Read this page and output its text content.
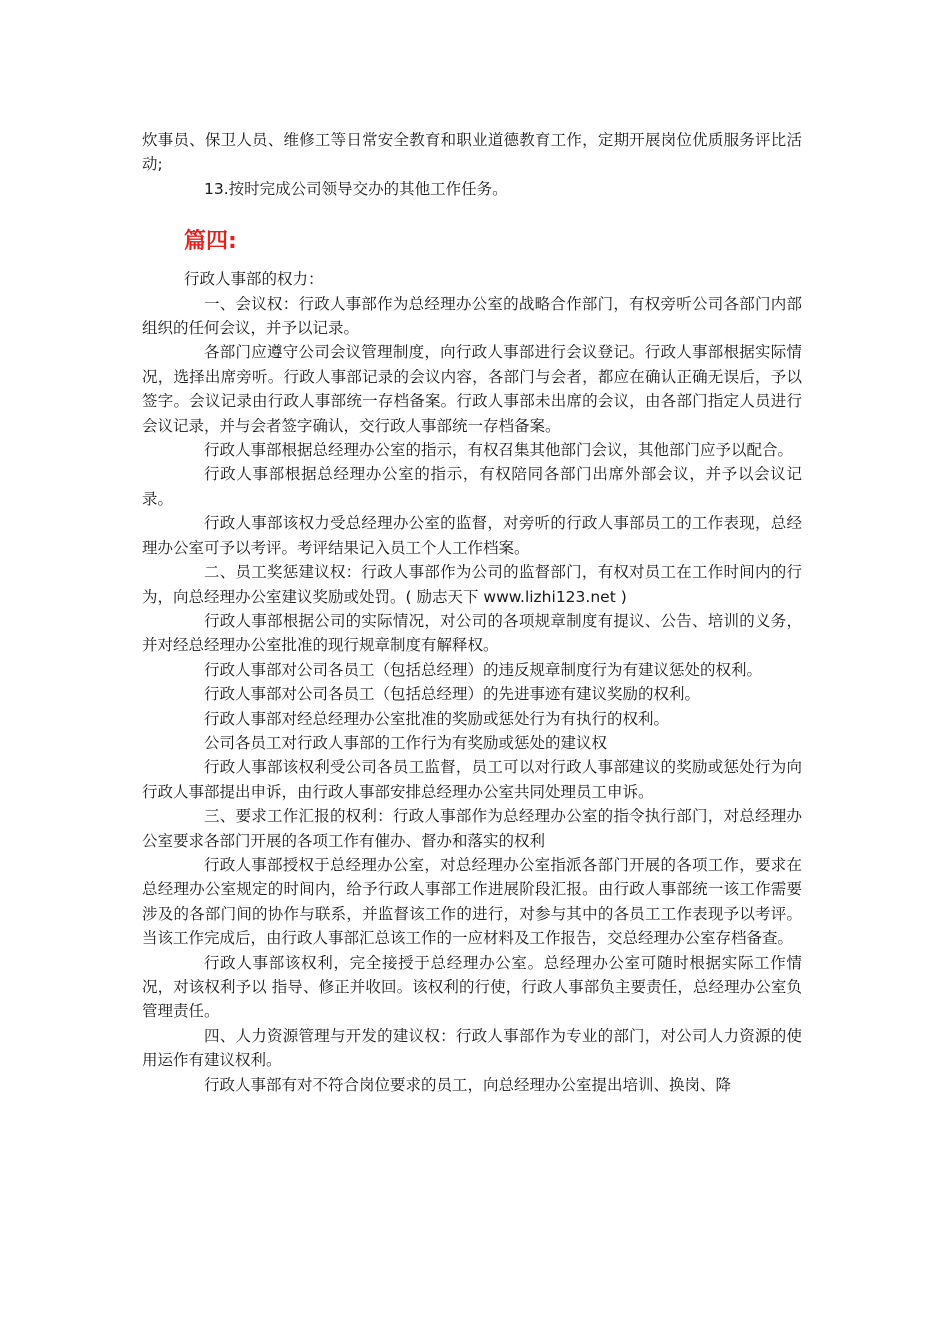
炊事员、保卫人员、维修工等日常安全教育和职业道德教育工作，定期开展岗位优质服务评比活动;

13.按时完成公司领导交办的其他工作任务。

篇四:

行政人事部的权力：

一、会议权：行政人事部作为总经理办公室的战略合作部门，有权旁听公司各部门内部组织的任何会议，并予以记录。

各部门应遵守公司会议管理制度，向行政人事部进行会议登记。行政人事部根据实际情况，选择出席旁听。行政人事部记录的会议内容，各部门与会者，都应在确认正确无误后，予以签字。会议记录由行政人事部统一存档备案。行政人事部未出席的会议，由各部门指定人员进行会议记录，并与会者签字确认，交行政人事部统一存档备案。

行政人事部根据总经理办公室的指示，有权召集其他部门会议，其他部门应予以配合。

行政人事部根据总经理办公室的指示，有权陪同各部门出席外部会议，并予以会议记录。

行政人事部该权力受总经理办公室的监督，对旁听的行政人事部员工的工作表现，总经理办公室可予以考评。考评结果记入员工个人工作档案。

二、员工奖惩建议权：行政人事部作为公司的监督部门，有权对员工在工作时间内的行为，向总经理办公室建议奖励或处罚。( 励志天下 www.lizhi123.net )

行政人事部根据公司的实际情况，对公司的各项规章制度有提议、公告、培训的义务，并对经总经理办公室批准的现行规章制度有解释权。

行政人事部对公司各员工（包括总经理）的违反规章制度行为有建议惩处的权利。

行政人事部对公司各员工（包括总经理）的先进事迹有建议奖励的权利。

行政人事部对经总经理办公室批准的奖励或惩处行为有执行的权利。

公司各员工对行政人事部的工作行为有奖励或惩处的建议权

行政人事部该权利受公司各员工监督，员工可以对行政人事部建议的奖励或惩处行为向行政人事部提出申诉，由行政人事部安排总经理办公室共同处理员工申诉。

三、要求工作汇报的权利：行政人事部作为总经理办公室的指令执行部门，对总经理办公室要求各部门开展的各项工作有催办、督办和落实的权利

行政人事部授权于总经理办公室，对总经理办公室指派各部门开展的各项工作，要求在总经理办公室规定的时间内，给予行政人事部工作进展阶段汇报。由行政人事部统一该工作需要涉及的各部门间的协作与联系，并监督该工作的进行，对参与其中的各员工工作表现予以考评。当该工作完成后，由行政人事部汇总该工作的一应材料及工作报告，交总经理办公室存档备查。

行政人事部该权利，完全接授于总经理办公室。总经理办公室可随时根据实际工作情况，对该权利予以 指导、修正并收回。该权利的行使，行政人事部负主要责任，总经理办公室负管理责任。

四、人力资源管理与开发的建议权：行政人事部作为专业的部门，对公司人力资源的使用运作有建议权利。

行政人事部有对不符合岗位要求的员工，向总经理办公室提出培训、换岗、降
